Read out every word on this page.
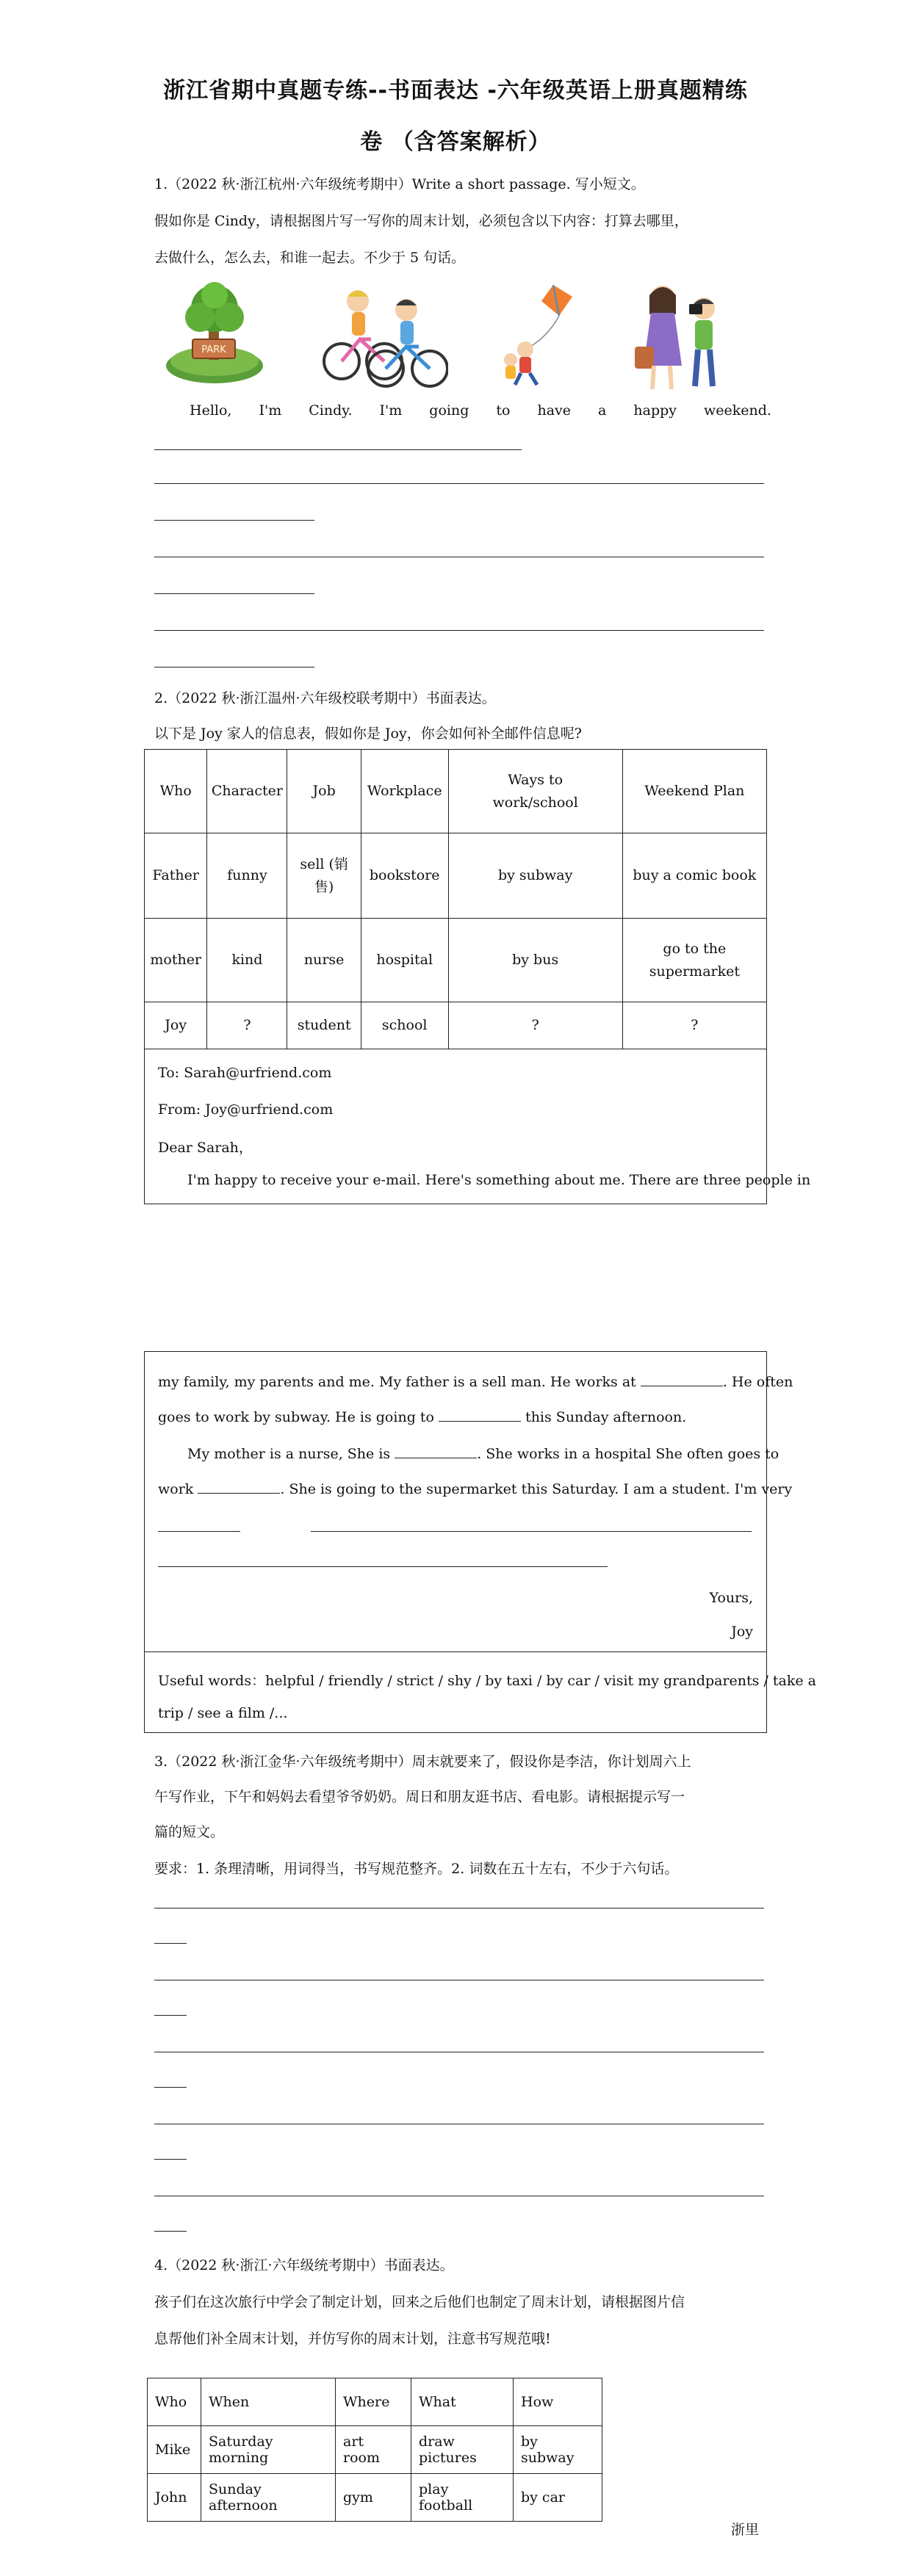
浙江省期中真题专练--书面表达 -六年级英语上册真题精练
卷 （含答案解析）
1.（2022 秋·浙江杭州·六年级统考期中）Write a short passage. 写小短文。
假如你是 Cindy，请根据图片写一写你的周末计划，必须包含以下内容：打算去哪里，
去做什么，怎么去，和谁一起去。不少于 5 句话。
PARK
Hello, I'm Cindy. I'm going to have a happy weekend.
2.（2022 秋·浙江温州·六年级校联考期中）书面表达。
以下是 Joy 家人的信息表，假如你是 Joy，你会如何补全邮件信息呢?
Who	Character	Job	Workplace	Ways to work/school	Weekend Plan
Father	funny	sell (销售)	bookstore	by subway	buy a comic book
mother	kind	nurse	hospital	by bus	go to the supermarket
Joy	?	student	school	?	?
To: Sarah@urfriend.com
From: Joy@urfriend.com
Dear Sarah，
I'm happy to receive your e-mail. Here's something about me. There are three people in
my family, my parents and me. My father is a sell man. He works at	. He often
goes to work by subway. He is going to	this Sunday afternoon.
My mother is a nurse, She is	. She works in a hospital She often goes to
work	. She is going to the supermarket this Saturday. I am a student. I'm very
Yours,
Joy
Useful words：helpful / friendly / strict / shy / by taxi / by car / visit my grandparents / take a
trip / see a film /...
3.（2022 秋·浙江金华·六年级统考期中）周末就要来了，假设你是李洁，你计划周六上
午写作业，下午和妈妈去看望爷爷奶奶。周日和朋友逛书店、看电影。请根据提示写一
篇的短文。
要求：1. 条理清晰，用词得当，书写规范整齐。2. 词数在五十左右，不少于六句话。
4.（2022 秋·浙江·六年级统考期中）书面表达。
孩子们在这次旅行中学会了制定计划，回来之后他们也制定了周末计划，请根据图片信
息帮他们补全周末计划，并仿写你的周末计划，注意书写规范哦!
Who	When	Where	What	How
Mike	Saturday morning	art room	draw pictures	by subway
John	Sunday afternoon	gym	play football	by car
浙里
